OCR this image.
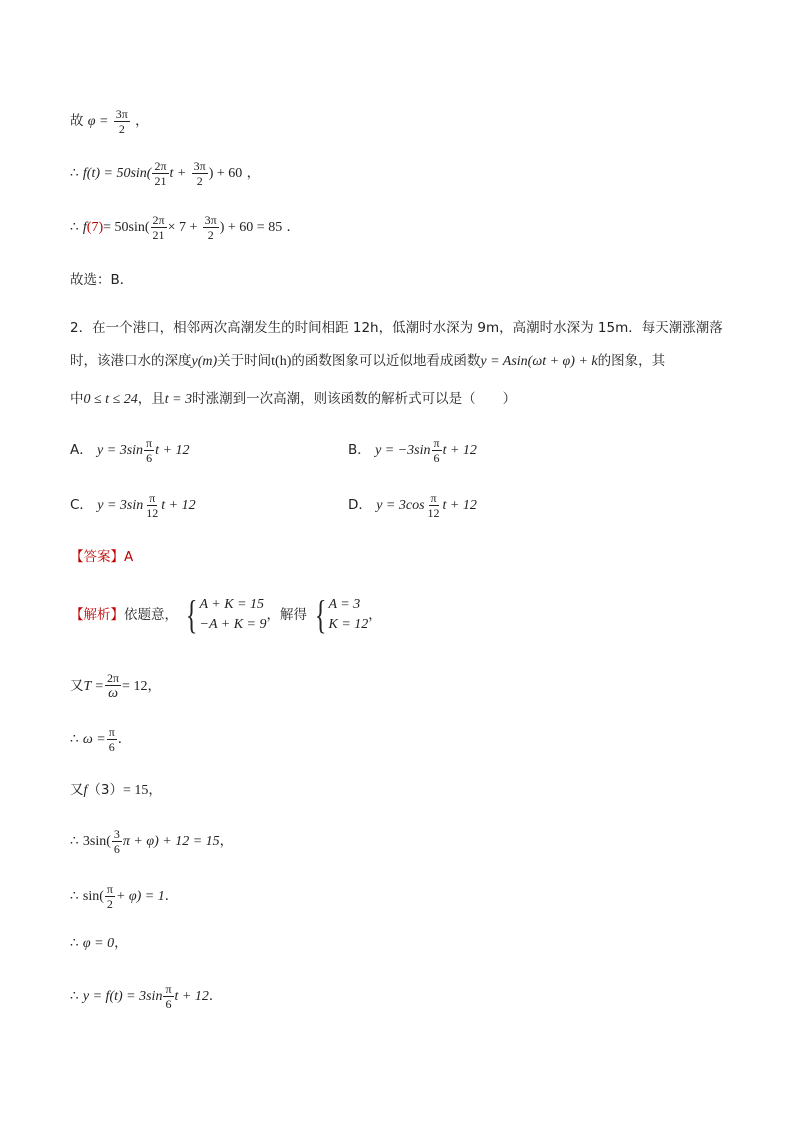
故 $\varphi = \frac{3\pi}{2}$ ，
∴ $f(t) = 50\sin( \frac{2\pi}{21}$ $t + \frac{3\pi}{2}$ ) + 60 ，
∴ $f(7)= 50\sin( \frac{2\pi}{21} \times 7 + \frac{3\pi}{2}$ ) + 60 = 85 ．
故选：B．
2．在一个港口，相邻两次高潮发生的时间相距 12h，低潮时水深为 9m，高潮时水深为 15m．每天潮涨潮落
时，该港口水的深度y(m)关于时间t(h)的函数图象可以近似地看成函数y = Asin(ωt + φ) + k的图象，其
中0 ≤ t ≤ 24，且t = 3时涨潮到一次高潮，则该函数的解析式可以是（　　）
A． $y = 3\sin \frac{\pi}{6}$ t + 12	B． $y = -3\sin \frac{\pi}{6}$ t + 12
C． $y = 3\sin \frac{\pi}{12}$ t + 12	D． $y = 3\cos \frac{\pi}{12}$ t + 12
【答案】A
【解析】依题意， { A + K = 15
−A + K = 9
，解得 { A = 3
K = 12
，
又$T = \frac{2\pi}{\omega} = 12$，
∴ $\omega = \frac{\pi}{6}$ ．
又f（3）= 15，
∴ $3\sin( \frac{3}{6}$ π + φ) + 12 = 15，
∴ $\sin( \frac{\pi}{2} + \varphi) = 1$．
∴ φ = 0，
∴ $y = f(t) = 3\sin \frac{\pi}{6}$ t + 12．
